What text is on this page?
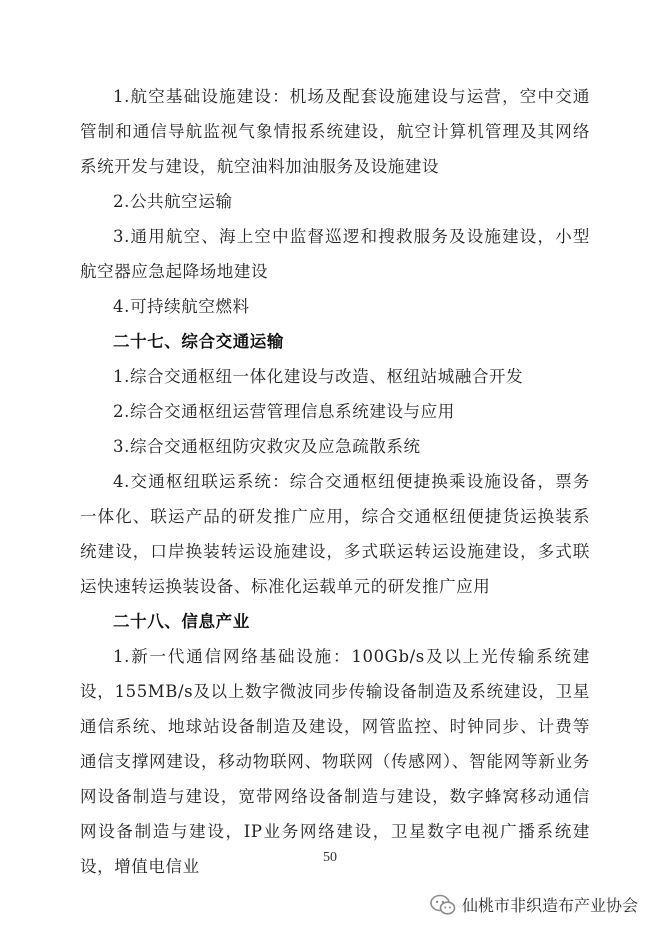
1.航空基础设施建设：机场及配套设施建设与运营，空中交通管制和通信导航监视气象情报系统建设，航空计算机管理及其网络系统开发与建设，航空油料加油服务及设施建设

2.公共航空运输

3.通用航空、海上空中监督巡逻和搜救服务及设施建设，小型航空器应急起降场地建设

4.可持续航空燃料

二十七、综合交通运输

1.综合交通枢纽一体化建设与改造、枢纽站城融合开发

2.综合交通枢纽运营管理信息系统建设与应用

3.综合交通枢纽防灾救灾及应急疏散系统

4.交通枢纽联运系统：综合交通枢纽便捷换乘设施设备，票务一体化、联运产品的研发推广应用，综合交通枢纽便捷货运换装系统建设，口岸换装转运设施建设，多式联运转运设施建设，多式联运快速转运换装设备、标准化运载单元的研发推广应用

二十八、信息产业

1.新一代通信网络基础设施：100Gb/s及以上光传输系统建设，155MB/s及以上数字微波同步传输设备制造及系统建设，卫星通信系统、地球站设备制造及建设，网管监控、时钟同步、计费等通信支撑网建设，移动物联网、物联网（传感网）、智能网等新业务网设备制造与建设，宽带网络设备制造与建设，数字蜂窝移动通信网设备制造与建设，IP业务网络建设，卫星数字电视广播系统建设，增值电信业	50
仙桃市非织造布产业协会
